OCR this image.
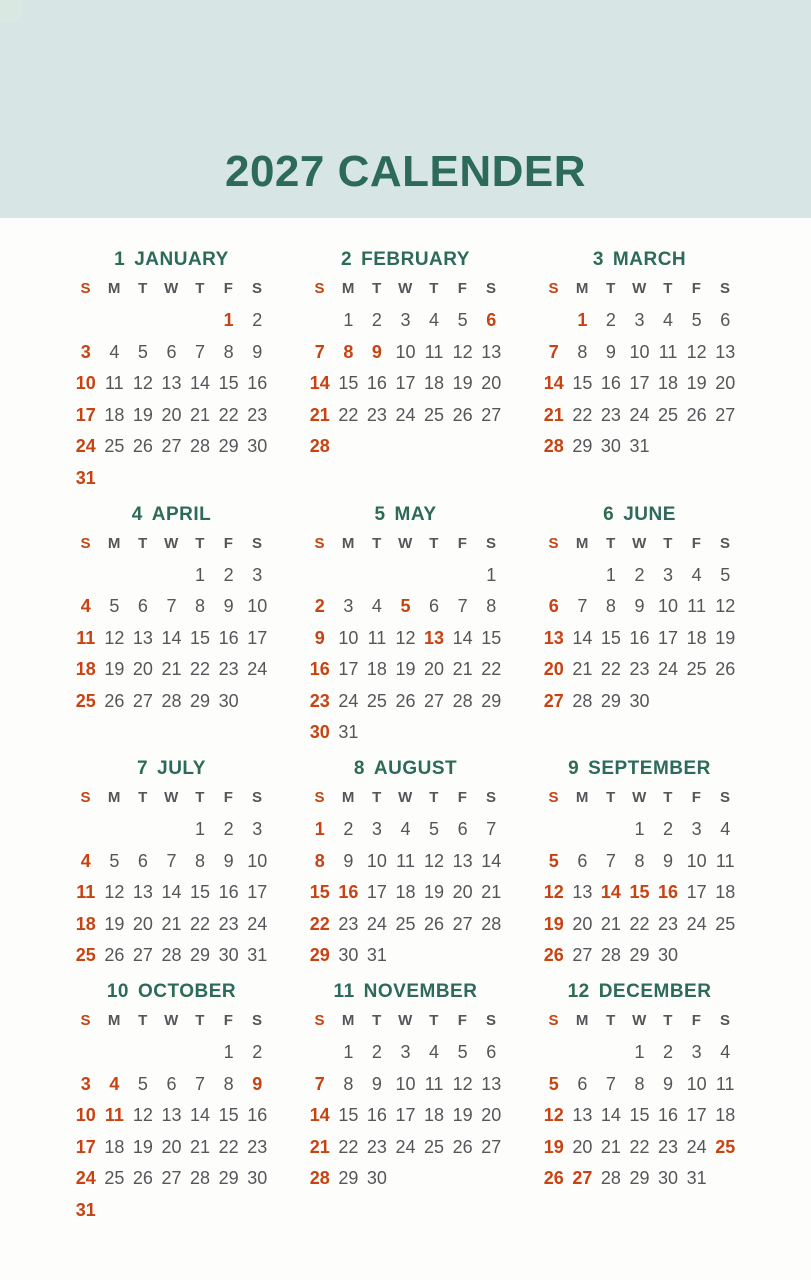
2027 CALENDER
1 JANUARY
S M T W T F S
1 2
3 4 5 6 7 8 9
10 11 12 13 14 15 16
17 18 19 20 21 22 23
24 25 26 27 28 29 30
31
2 FEBRUARY
S M T W T F S
1 2 3 4 5 6
7 8 9 10 11 12 13
14 15 16 17 18 19 20
21 22 23 24 25 26 27
28
3 MARCH
S M T W T F S
1 2 3 4 5 6
7 8 9 10 11 12 13
14 15 16 17 18 19 20
21 22 23 24 25 26 27
28 29 30 31
4 APRIL
S M T W T F S
1 2 3
4 5 6 7 8 9 10
11 12 13 14 15 16 17
18 19 20 21 22 23 24
25 26 27 28 29 30
5 MAY
S M T W T F S
1
2 3 4 5 6 7 8
9 10 11 12 13 14 15
16 17 18 19 20 21 22
23 24 25 26 27 28 29
30 31
6 JUNE
S M T W T F S
1 2 3 4 5
6 7 8 9 10 11 12
13 14 15 16 17 18 19
20 21 22 23 24 25 26
27 28 29 30
7 JULY
S M T W T F S
1 2 3
4 5 6 7 8 9 10
11 12 13 14 15 16 17
18 19 20 21 22 23 24
25 26 27 28 29 30 31
8 AUGUST
S M T W T F S
1 2 3 4 5 6 7
8 9 10 11 12 13 14
15 16 17 18 19 20 21
22 23 24 25 26 27 28
29 30 31
9 SEPTEMBER
S M T W T F S
1 2 3 4
5 6 7 8 9 10 11
12 13 14 15 16 17 18
19 20 21 22 23 24 25
26 27 28 29 30
10 OCTOBER
S M T W T F S
1 2
3 4 5 6 7 8 9
10 11 12 13 14 15 16
17 18 19 20 21 22 23
24 25 26 27 28 29 30
31
11 NOVEMBER
S M T W T F S
1 2 3 4 5 6
7 8 9 10 11 12 13
14 15 16 17 18 19 20
21 22 23 24 25 26 27
28 29 30
12 DECEMBER
S M T W T F S
1 2 3 4
5 6 7 8 9 10 11
12 13 14 15 16 17 18
19 20 21 22 23 24 25
26 27 28 29 30 31
